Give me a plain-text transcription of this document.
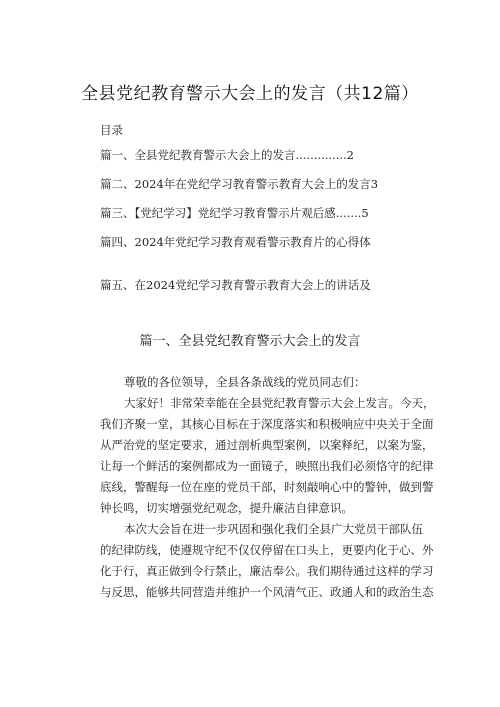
全县党纪教育警示大会上的发言（共12篇）
目录

篇一、全县党纪教育警示大会上的发言..............2

篇二、2024年在党纪学习教育警示教育大会上的发言3

篇三、【党纪学习】党纪学习教育警示片观后感.......5

篇四、2024年党纪学习教育观看警示教育片的心得体

篇五、在2024党纪学习教育警示教育大会上的讲话及

篇一、全县党纪教育警示大会上的发言

尊敬的各位领导，全县各条战线的党员同志们：

大家好！非常荣幸能在全县党纪教育警示大会上发言。今天，
我们齐聚一堂，其核心目标在于深度落实和积极响应中央关于全面
从严治党的坚定要求，通过剖析典型案例，以案释纪，以案为鉴，
让每一个鲜活的案例都成为一面镜子，映照出我们必须恪守的纪律
底线，警醒每一位在座的党员干部，时刻敲响心中的警钟，做到警
钟长鸣，切实增强党纪观念，提升廉洁自律意识。
本次大会旨在进一步巩固和强化我们全县广大党员干部队伍
的纪律防线，使遵规守纪不仅仅停留在口头上，更要内化于心、外
化于行，真正做到令行禁止，廉洁奉公。我们期待通过这样的学习
与反思，能够共同营造并维护一个风清气正、政通人和的政治生态
